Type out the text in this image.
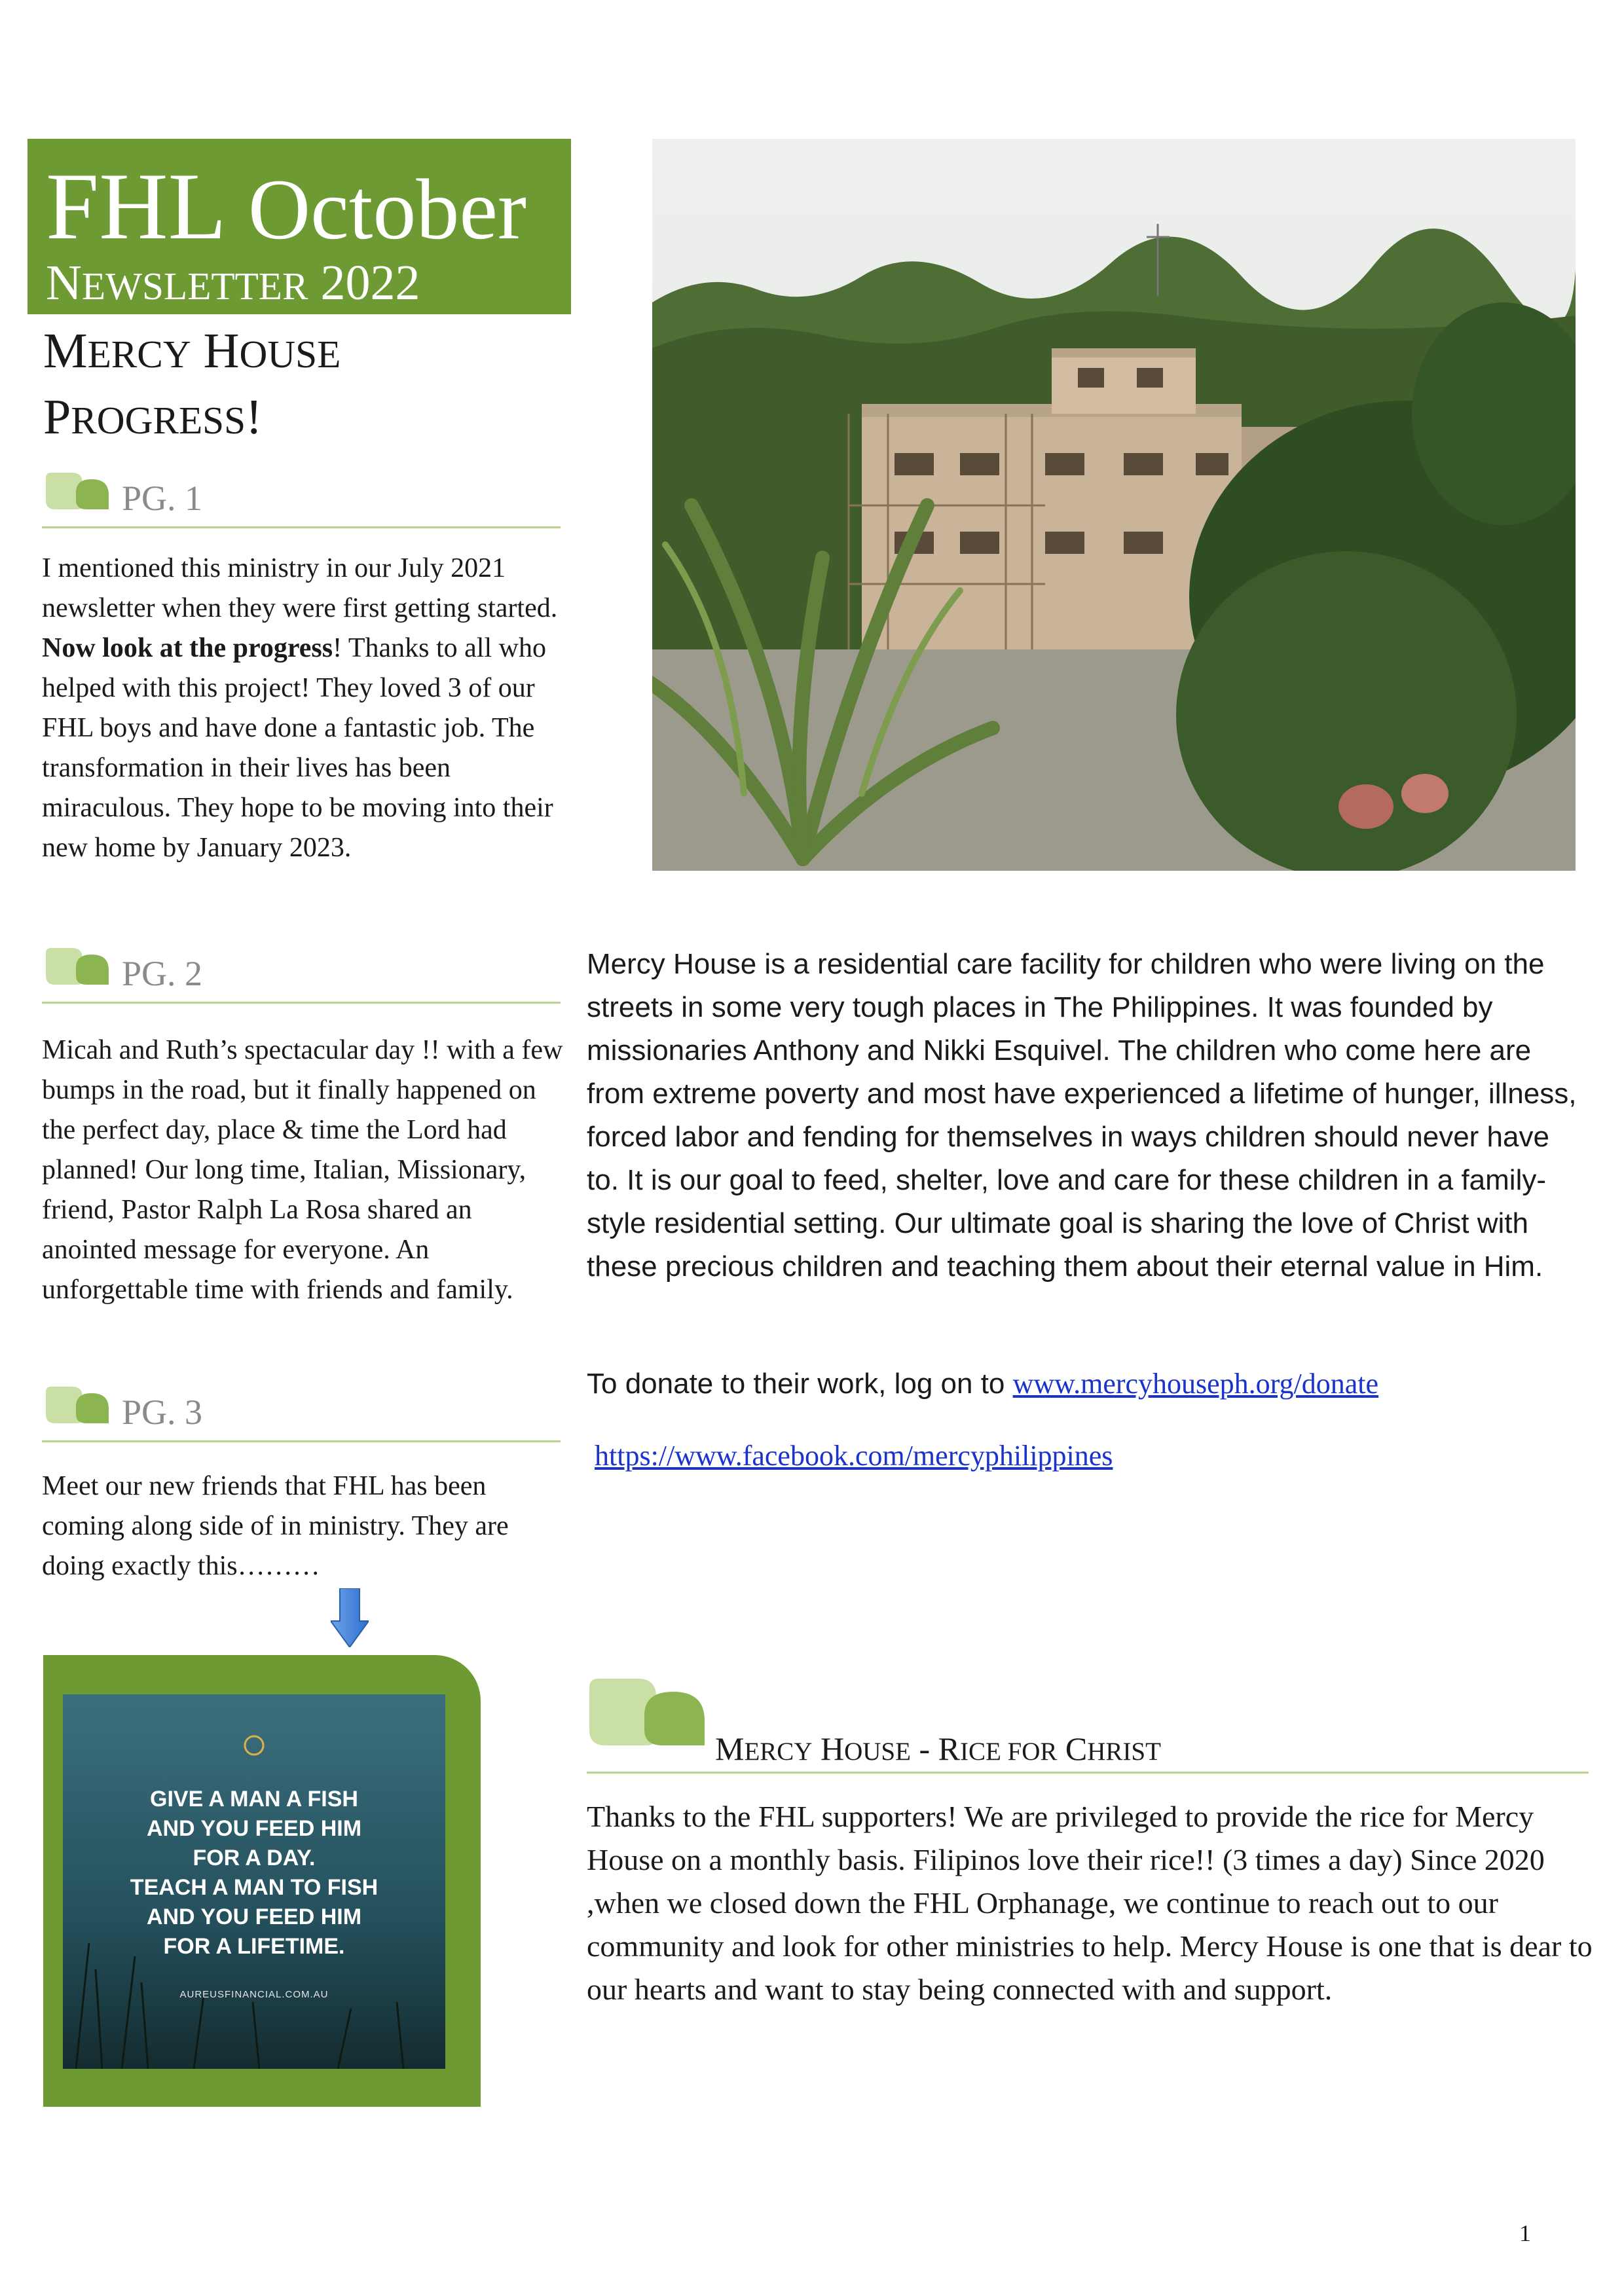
FHL October
NEWSLETTER 2022
MERCY HOUSE
PROGRESS!
PG. 1
I mentioned this ministry in our July 2021 newsletter when they were first getting started. Now look at the progress! Thanks to all who helped with this project! They loved 3 of our FHL boys and have done a fantastic job. The transformation in their lives has been miraculous. They hope to be moving into their new home by January 2023.
PG. 2
Micah and Ruth’s spectacular day !! with a few bumps in the road, but it finally happened on the perfect day, place & time the Lord had planned! Our long time, Italian, Missionary, friend, Pastor Ralph La Rosa shared an anointed message for everyone. An unforgettable time with friends and family.
PG. 3
Meet our new friends that FHL has been coming along side of in ministry. They are doing exactly this………
Mercy House is a residential care facility for children who were living on the streets in some very tough places in The Philippines. It was founded by missionaries Anthony and Nikki Esquivel. The children who come here are from extreme poverty and most have experienced a lifetime of hunger, illness, forced labor and fending for themselves in ways children should never have to. It is our goal to feed, shelter, love and care for these children in a family-style residential setting. Our ultimate goal is sharing the love of Christ with these precious children and teaching them about their eternal value in Him.
To donate to their work, log on to www.mercyhouseph.org/donate
https://www.facebook.com/mercyphilippines
GIVE A MAN A FISH
AND YOU FEED HIM
FOR A DAY.
TEACH A MAN TO FISH
AND YOU FEED HIM
FOR A LIFETIME.
AUREUSFINANCIAL.COM.AU
MERCY HOUSE - RICE FOR CHRIST
Thanks to the FHL supporters! We are privileged to provide the rice for Mercy House on a monthly basis. Filipinos love their rice!! (3 times a day) Since 2020 ,when we closed down the FHL Orphanage, we continue to reach out to our community and look for other ministries to help. Mercy House is one that is dear to our hearts and want to stay being connected with and support.
1
